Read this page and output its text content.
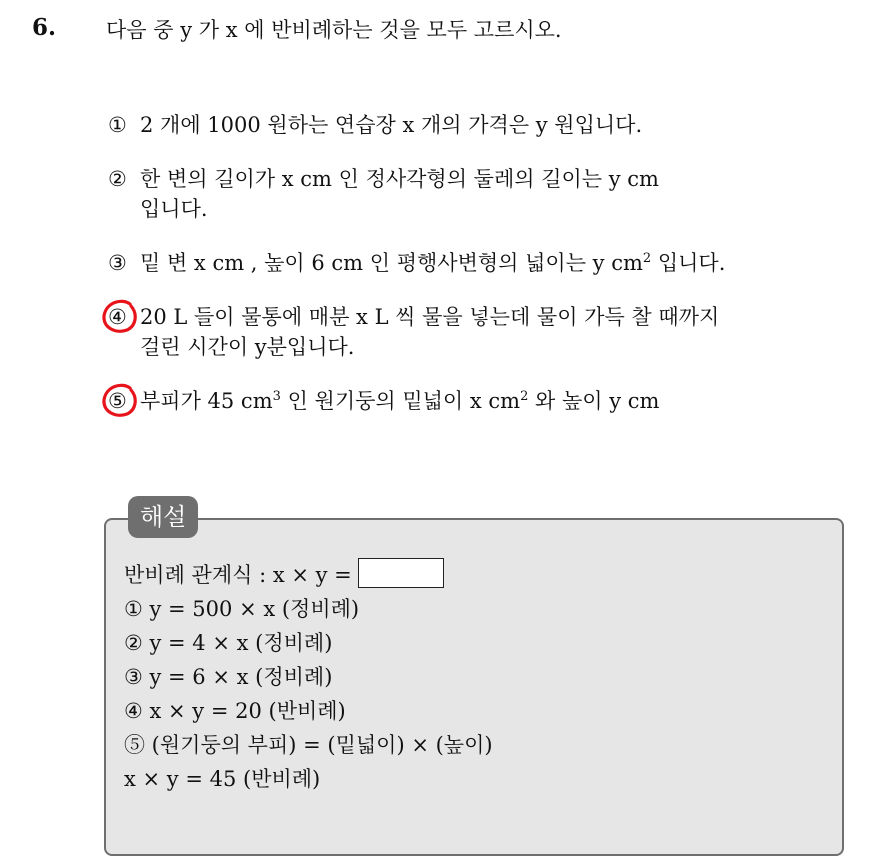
6. 다음 중 y 가 x 에 반비례하는 것을 모두 고르시오.
① 2 개에 1000 원하는 연습장 x 개의 가격은 y 원입니다.
② 한 변의 길이가 x cm 인 정사각형의 둘레의 길이는 y cm
입니다.
③ 밑 변 x cm , 높이 6 cm 인 평행사변형의 넓이는 y $cm^2$ 입니다.
④ 20 L 들이 물통에 매분 x L 씩 물을 넣는데 물이 가득 찰 때까지
걸린 시간이 y분입니다.
⑤ 부피가 45 $cm^3$ 인 원기둥의 밑넓이 x $cm^2$ 와 높이 y cm
해설
반비례 관계식 : x × y =
① y = 500 × x (정비례)
② y = 4 × x (정비례)
③ y = 6 × x (정비례)
④ x × y = 20 (반비례)
⑤ (원기둥의 부피) = (밑넓이) × (높이)
x × y = 45 (반비례)
